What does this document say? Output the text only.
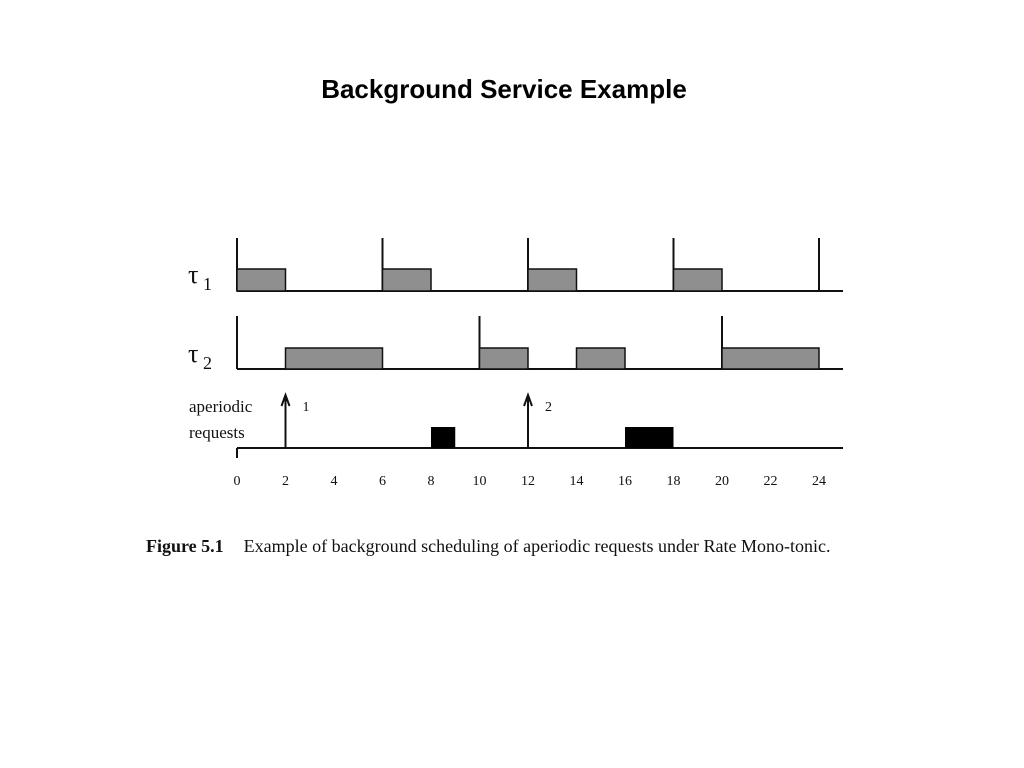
Background Service Example
τ 1
τ 2
aperiodic
requests
1	2
0	2	4	6	8	10 12 14 16 18 20 22 24
Figure 5.1 Example of background scheduling of aperiodic requests under Rate Mono-tonic.
